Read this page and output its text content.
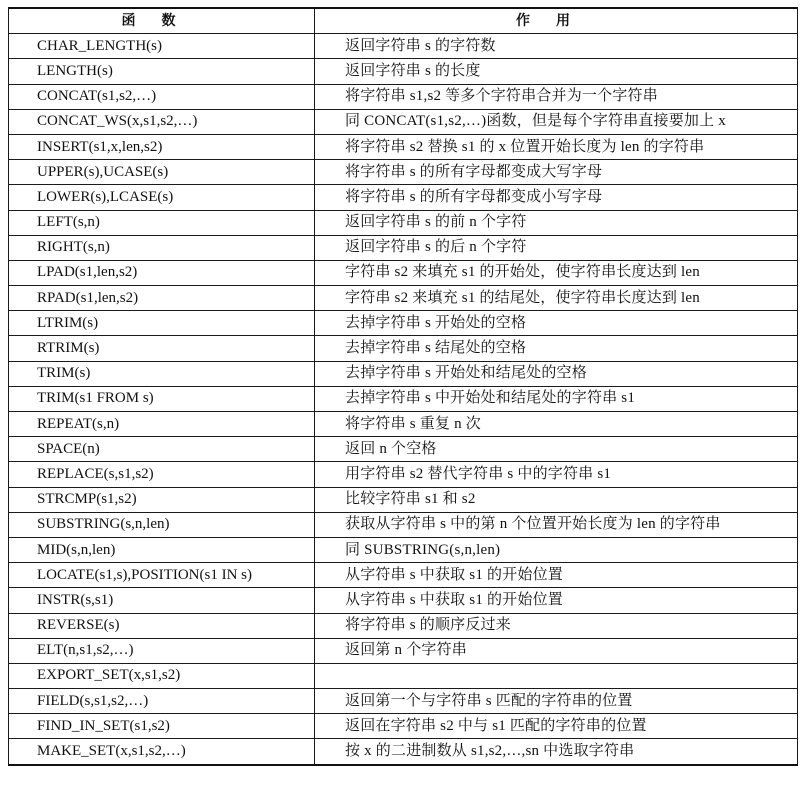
函数	作用
CHAR_LENGTH(s)	返回字符串 s 的字符数
LENGTH(s)	返回字符串 s 的长度
CONCAT(s1,s2,…)	将字符串 s1,s2 等多个字符串合并为一个字符串
CONCAT_WS(x,s1,s2,…)	同 CONCAT(s1,s2,…)函数，但是每个字符串直接要加上 x
INSERT(s1,x,len,s2)	将字符串 s2 替换 s1 的 x 位置开始长度为 len 的字符串
UPPER(s),UCASE(s)	将字符串 s 的所有字母都变成大写字母
LOWER(s),LCASE(s)	将字符串 s 的所有字母都变成小写字母
LEFT(s,n)	返回字符串 s 的前 n 个字符
RIGHT(s,n)	返回字符串 s 的后 n 个字符
LPAD(s1,len,s2)	字符串 s2 来填充 s1 的开始处，使字符串长度达到 len
RPAD(s1,len,s2)	字符串 s2 来填充 s1 的结尾处，使字符串长度达到 len
LTRIM(s)	去掉字符串 s 开始处的空格
RTRIM(s)	去掉字符串 s 结尾处的空格
TRIM(s)	去掉字符串 s 开始处和结尾处的空格
TRIM(s1 FROM s)	去掉字符串 s 中开始处和结尾处的字符串 s1
REPEAT(s,n)	将字符串 s 重复 n 次
SPACE(n)	返回 n 个空格
REPLACE(s,s1,s2)	用字符串 s2 替代字符串 s 中的字符串 s1
STRCMP(s1,s2)	比较字符串 s1 和 s2
SUBSTRING(s,n,len)	获取从字符串 s 中的第 n 个位置开始长度为 len 的字符串
MID(s,n,len)	同 SUBSTRING(s,n,len)
LOCATE(s1,s),POSITION(s1 IN s)	从字符串 s 中获取 s1 的开始位置
INSTR(s,s1)	从字符串 s 中获取 s1 的开始位置
REVERSE(s)	将字符串 s 的顺序反过来
ELT(n,s1,s2,…)	返回第 n 个字符串
EXPORT_SET(x,s1,s2)	
FIELD(s,s1,s2,…)	返回第一个与字符串 s 匹配的字符串的位置
FIND_IN_SET(s1,s2)	返回在字符串 s2 中与 s1 匹配的字符串的位置
MAKE_SET(x,s1,s2,…)	按 x 的二进制数从 s1,s2,…,sn 中选取字符串
